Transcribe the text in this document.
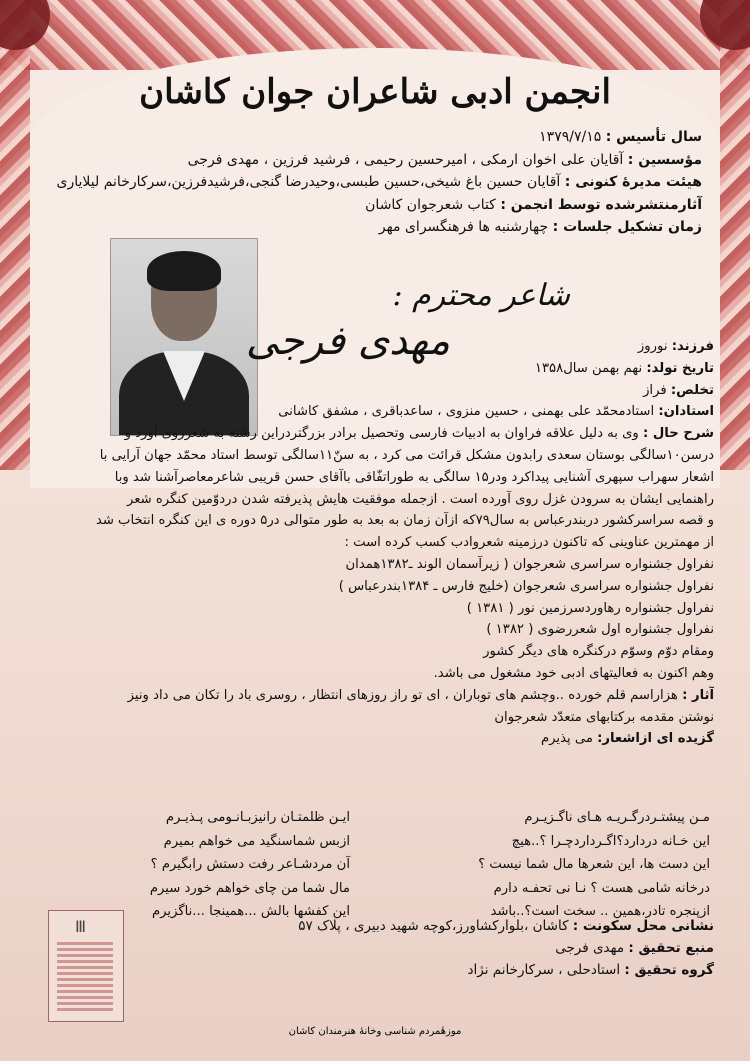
انجمن ادبی شاعران جوان کاشان
سال تأسیس : ۱۳۷۹/۷/۱۵
مؤسسین : آقایان علی اخوان ارمکی ، امیرحسین رحیمی ، فرشید فرزین ، مهدی فرجی
هیئت مدیرهٔ کنونی : آقایان حسین باغ شیخی،حسین طبسی،وحیدرضا گنجی،فرشیدفرزین،سرکارخانم لیلایاری
آثارمنتشرشده توسط انجمن : کتاب شعرجوان کاشان
زمان تشکیل جلسات : چهارشنبه ها فرهنگسرای مهر
شاعر محترم :
مهدی فرجی	فرزند: نوروز
تاریخ تولد: نهم بهمن سال۱۳۵۸
تخلص: فراز
استادان: استادمحمّد علی بهمنی ، حسین منزوی ، ساعدباقری ، مشفق کاشانی
شرح حال : وی به دلیل علاقه فراوان به ادبیات فارسی وتحصیل برادر بزرگتردراین رشته به شعرروی آورد و
درسن۱۰سالگی بوستان سعدی رابدون مشکل قرائت می کرد ، به سنّ۱۱سالگی توسط استاد محمّد جهان آرایی با
اشعار سهراب سپهری آشنایی پیداکرد ودر۱۵ سالگی به طوراتفّاقی باآقای حسن قریبی شاعرمعاصرآشنا شد وبا
راهنمایی ایشان به سرودن غزل روی آورده است . ازجمله موفقیت هایش پذیرفته شدن دردوّمین کنگره شعر
و قصه سراسرکشور دربندرعباس به سال۷۹که ازآن زمان به بعد به طور متوالی در۵ دوره ی این کنگره انتخاب شد
از مهمترین عناوینی که تاکنون درزمینه شعروادب کسب کرده است :
نفراول جشنواره سراسری شعرجوان ( زیرآسمان الوند ـ۱۳۸۲همدان
نفراول جشنواره سراسری شعرجوان (خلیج فارس ـ ۱۳۸۴بندرعباس )
نفراول جشنواره رهاوردسرزمین نور ( ۱۳۸۱ )
نفراول جشنواره اول شعررضوی ( ۱۳۸۲ )
ومقام دوّم وسوّم درکنگره های دیگر کشور
وهم اکنون به فعالیتهای ادبی خود مشغول می باشد.
آثار : هزاراسم قلم خورده ..وچشم های توباران ، ای تو راز روزهای انتظار ، روسری باد را تکان می داد ونیز
نوشتن مقدمه برکتابهای متعدّد شعرجوان
گزیده ای ازاشعار: می پذیرم
مـن پیشتـردرگـریـه هـای ناگـزیـرم
ایـن ظلمتـان رانیزبـانـومی پـذیـرم
این خـانه دردارد؟اگـرداردچـرا ؟..هیچ
ازبس شماسنگید می خواهم بمیرم
این دست ها، این شعرها مال شما نیست ؟
آن مردشـاعر رفت دستش رابگیرم ؟
درخانه شامی هست ؟ نـا نی تحفـه دارم
مال شما من چای خواهم خورد سیرم
ازپنجره تادر،همین .. سخت است؟..باشد
این کفشها بالش ...همینجا ...ناگزیرم
نشانی محل سکونت : کاشان ،بلوارکشاورز،کوچه شهید دبیری ، پلاک ۵۷
منبع تحقیق : مهدی فرجی
گروه تحقیق : استادحلی ، سرکارخانم نژاد
Ⅲ
موزهٔمردم شناسی وخانهٔ هنرمندان کاشان
